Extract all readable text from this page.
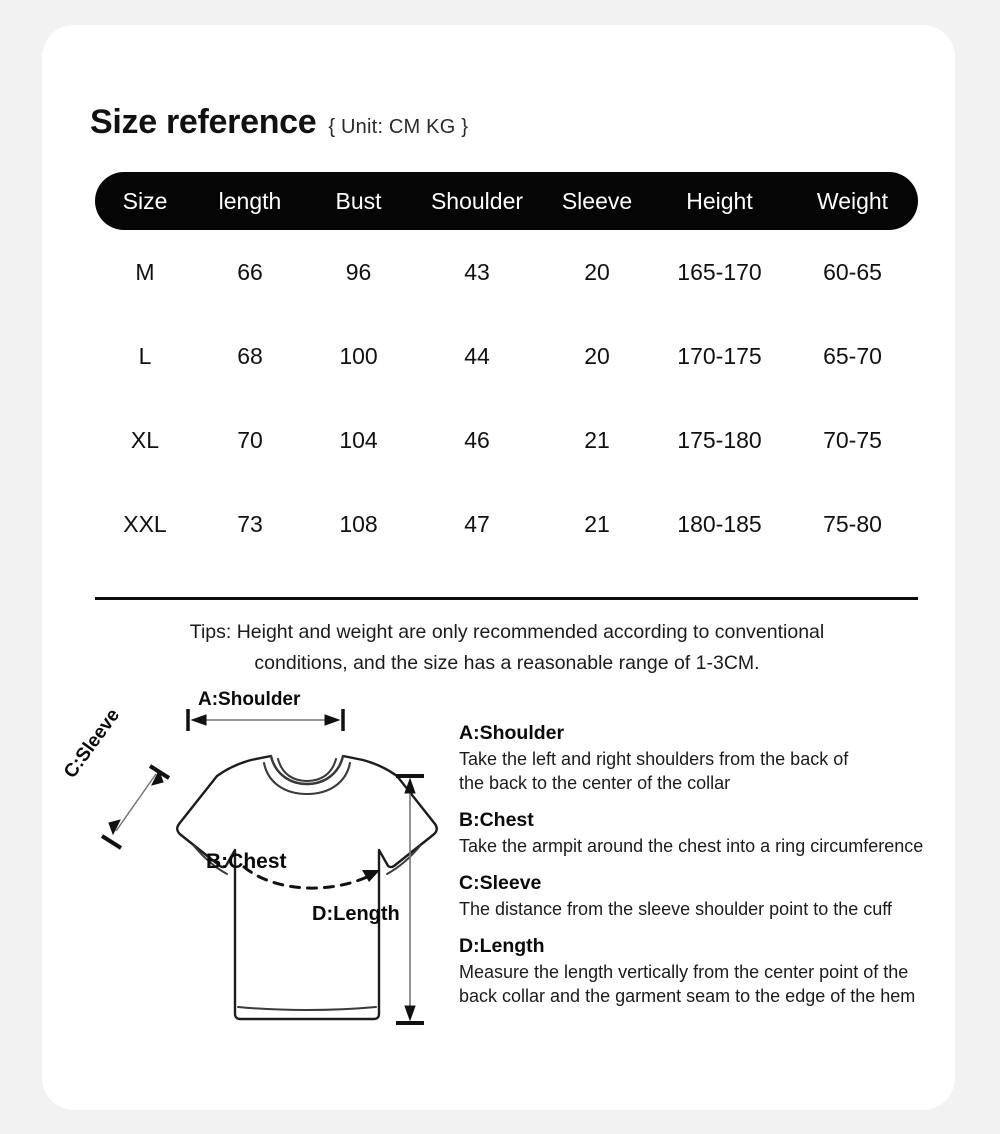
Size reference { Unit: CM KG }
Size	length	Bust	Shoulder	Sleeve	Height	Weight
M	66	96	43	20	165-170	60-65
L	68	100	44	20	170-175	65-70
XL	70	104	46	21	175-180	70-75
XXL	73	108	47	21	180-185	75-80
Tips: Height and weight are only recommended according to conventional
conditions, and the size has a reasonable range of 1-3CM.
A:Shoulder
C:Sleeve
B:Chest
D:Length
A:Shoulder
Take the left and right shoulders from the back of
the back to the center of the collar
B:Chest
Take the armpit around the chest into a ring circumference
C:Sleeve
The distance from the sleeve shoulder point to the cuff
D:Length
Measure the length vertically from the center point of the
back collar and the garment seam to the edge of the hem
